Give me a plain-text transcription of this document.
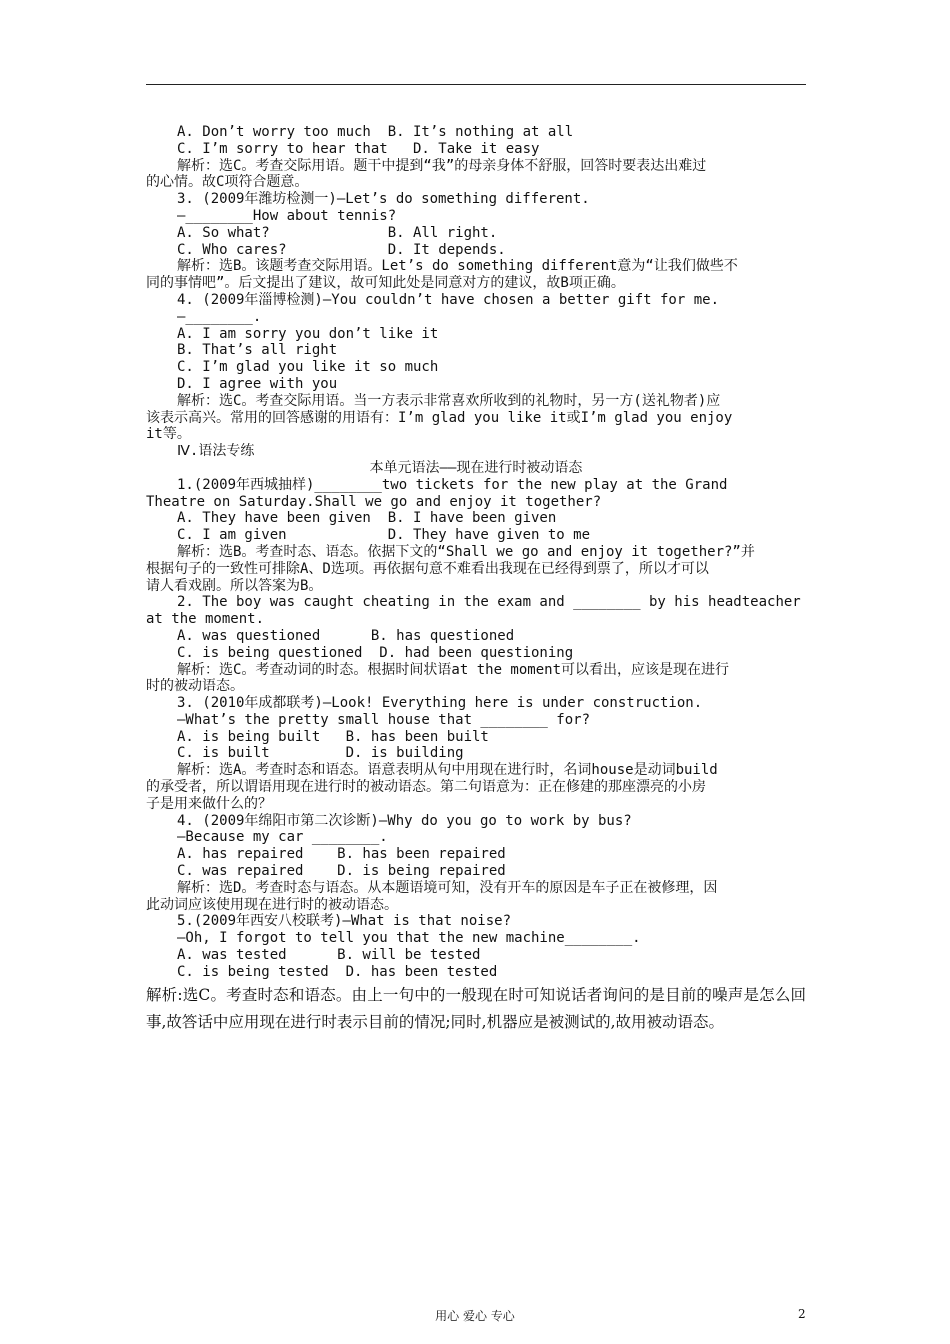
A. Don’t worry too much  B. It’s nothing at all
C. I’m sorry to hear that   D. Take it easy
解析：选C。考查交际用语。题干中提到“我”的母亲身体不舒服，回答时要表达出难过
的心情。故C项符合题意。
3. (2009年潍坊检测一)—Let’s do something different.
—________How about tennis?
A. So what?              B. All right.
C. Who cares?            D. It depends.
解析：选B。该题考查交际用语。Let’s do something different意为“让我们做些不
同的事情吧”。后文提出了建议，故可知此处是同意对方的建议，故B项正确。
4. (2009年淄博检测)—You couldn’t have chosen a better gift for me.
—________.
A. I am sorry you don’t like it
B. That’s all right
C. I’m glad you like it so much
D. I agree with you
解析：选C。考查交际用语。当一方表示非常喜欢所收到的礼物时，另一方(送礼物者)应
该表示高兴。常用的回答感谢的用语有：I’m glad you like it或I’m glad you enjoy
it等。
Ⅳ.语法专练
本单元语法——现在进行时被动语态
1.(2009年西城抽样)________two tickets for the new play at the Grand
Theatre on Saturday.Shall we go and enjoy it together?
A. They have been given  B. I have been given
C. I am given            D. They have given to me
解析：选B。考查时态、语态。依据下文的“Shall we go and enjoy it together?”并
根据句子的一致性可排除A、D选项。再依据句意不难看出我现在已经得到票了，所以才可以
请人看戏剧。所以答案为B。
2. The boy was caught cheating in the exam and ________ by his headteacher
at the moment.
A. was questioned      B. has questioned
C. is being questioned  D. had been questioning
解析：选C。考查动词的时态。根据时间状语at the moment可以看出，应该是现在进行
时的被动语态。
3. (2010年成都联考)—Look! Everything here is under construction.
—What’s the pretty small house that ________ for?
A. is being built   B. has been built
C. is built         D. is building
解析：选A。考查时态和语态。语意表明从句中用现在进行时，名词house是动词build
的承受者，所以谓语用现在进行时的被动语态。第二句语意为：正在修建的那座漂亮的小房
子是用来做什么的？
4. (2009年绵阳市第二次诊断)—Why do you go to work by bus?
—Because my car ________.
A. has repaired    B. has been repaired
C. was repaired    D. is being repaired
解析：选D。考查时态与语态。从本题语境可知，没有开车的原因是车子正在被修理，因
此动词应该使用现在进行时的被动语态。
5.(2009年西安八校联考)—What is that noise?
—Oh, I forgot to tell you that the new machine________.
A. was tested      B. will be tested
C. is being tested  D. has been tested
解析:选C。考查时态和语态。由上一句中的一般现在时可知说话者询问的是目前的噪声是怎么回事,故答话中应用现在进行时表示目前的情况;同时,机器应是被测试的,故用被动语态。
用心 爱心 专心	2
